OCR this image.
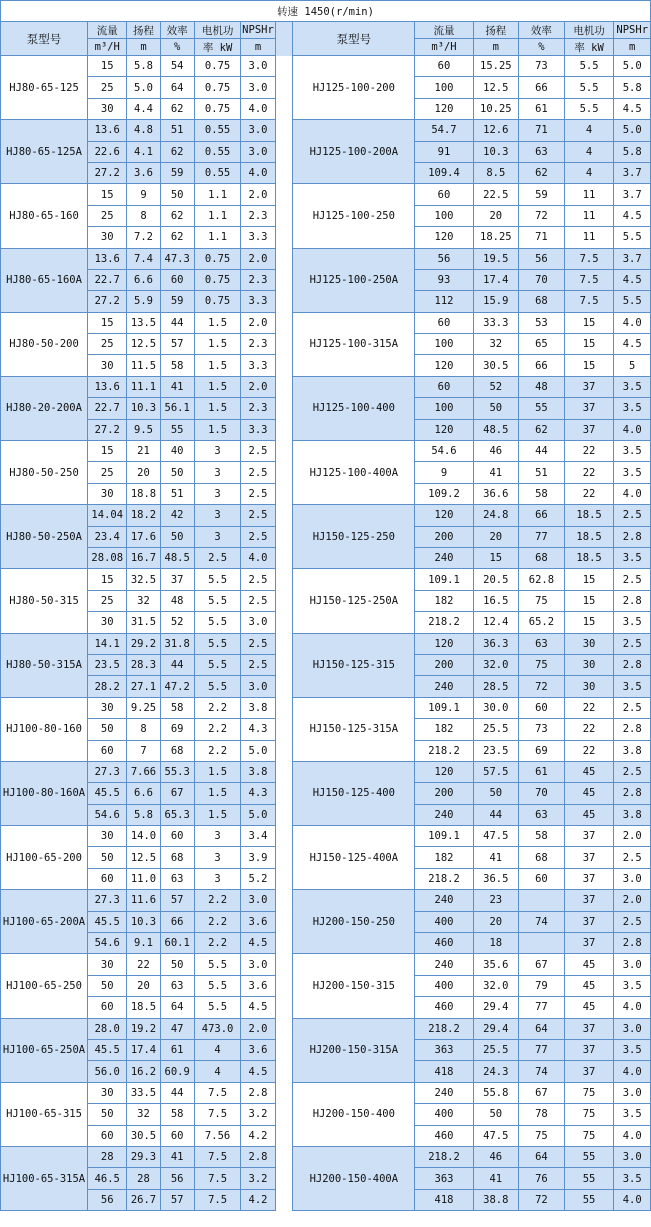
转速 1450(r/min)												
泵型号	流量	扬程	效率	电机功	NPSHr		泵型号	流量	扬程	效率	电机功	NPSHr
	m³/H	m	%	率 kW	m			m³/H	m	%	率 kW	m
HJ80-65-125	15	5.8	54	0.75	3.0		HJ125-100-200	60	15.25	73	5.5	5.0
	25	5.0	64	0.75	3.0			100	12.5	66	5.5	5.8
	30	4.4	62	0.75	4.0			120	10.25	61	5.5	4.5
HJ80-65-125A	13.6	4.8	51	0.55	3.0		HJ125-100-200A	54.7	12.6	71	4	5.0
	22.6	4.1	62	0.55	3.0			91	10.3	63	4	5.8
	27.2	3.6	59	0.55	4.0			109.4	8.5	62	4	3.7
HJ80-65-160	15	9	50	1.1	2.0		HJ125-100-250	60	22.5	59	11	3.7
	25	8	62	1.1	2.3			100	20	72	11	4.5
	30	7.2	62	1.1	3.3			120	18.25	71	11	5.5
HJ80-65-160A	13.6	7.4	47.3	0.75	2.0		HJ125-100-250A	56	19.5	56	7.5	3.7
	22.7	6.6	60	0.75	2.3			93	17.4	70	7.5	4.5
	27.2	5.9	59	0.75	3.3			112	15.9	68	7.5	5.5
HJ80-50-200	15	13.5	44	1.5	2.0		HJ125-100-315A	60	33.3	53	15	4.0
	25	12.5	57	1.5	2.3			100	32	65	15	4.5
	30	11.5	58	1.5	3.3			120	30.5	66	15	5
HJ80-20-200A	13.6	11.1	41	1.5	2.0		HJ125-100-400	60	52	48	37	3.5
	22.7	10.3	56.1	1.5	2.3			100	50	55	37	3.5
	27.2	9.5	55	1.5	3.3			120	48.5	62	37	4.0
HJ80-50-250	15	21	40	3	2.5		HJ125-100-400A	54.6	46	44	22	3.5
	25	20	50	3	2.5			9	41	51	22	3.5
	30	18.8	51	3	2.5			109.2	36.6	58	22	4.0
HJ80-50-250A	14.04	18.2	42	3	2.5		HJ150-125-250	120	24.8	66	18.5	2.5
	23.4	17.6	50	3	2.5			200	20	77	18.5	2.8
	28.08	16.7	48.5	2.5	4.0			240	15	68	18.5	3.5
HJ80-50-315	15	32.5	37	5.5	2.5		HJ150-125-250A	109.1	20.5	62.8	15	2.5
	25	32	48	5.5	2.5			182	16.5	75	15	2.8
	30	31.5	52	5.5	3.0			218.2	12.4	65.2	15	3.5
HJ80-50-315A	14.1	29.2	31.8	5.5	2.5		HJ150-125-315	120	36.3	63	30	2.5
	23.5	28.3	44	5.5	2.5			200	32.0	75	30	2.8
	28.2	27.1	47.2	5.5	3.0			240	28.5	72	30	3.5
HJ100-80-160	30	9.25	58	2.2	3.8		HJ150-125-315A	109.1	30.0	60	22	2.5
	50	8	69	2.2	4.3			182	25.5	73	22	2.8
	60	7	68	2.2	5.0			218.2	23.5	69	22	3.8
HJ100-80-160A	27.3	7.66	55.3	1.5	3.8		HJ150-125-400	120	57.5	61	45	2.5
	45.5	6.6	67	1.5	4.3			200	50	70	45	2.8
	54.6	5.8	65.3	1.5	5.0			240	44	63	45	3.8
HJ100-65-200	30	14.0	60	3	3.4		HJ150-125-400A	109.1	47.5	58	37	2.0
	50	12.5	68	3	3.9			182	41	68	37	2.5
	60	11.0	63	3	5.2			218.2	36.5	60	37	3.0
HJ100-65-200A	27.3	11.6	57	2.2	3.0		HJ200-150-250	240	23		37	2.0
	45.5	10.3	66	2.2	3.6			400	20	74	37	2.5
	54.6	9.1	60.1	2.2	4.5			460	18		37	2.8
HJ100-65-250	30	22	50	5.5	3.0		HJ200-150-315	240	35.6	67	45	3.0
	50	20	63	5.5	3.6			400	32.0	79	45	3.5
	60	18.5	64	5.5	4.5			460	29.4	77	45	4.0
HJ100-65-250A	28.0	19.2	47	473.0	2.0		HJ200-150-315A	218.2	29.4	64	37	3.0
	45.5	17.4	61	4	3.6			363	25.5	77	37	3.5
	56.0	16.2	60.9	4	4.5			418	24.3	74	37	4.0
HJ100-65-315	30	33.5	44	7.5	2.8		HJ200-150-400	240	55.8	67	75	3.0
	50	32	58	7.5	3.2			400	50	78	75	3.5
	60	30.5	60	7.56	4.2			460	47.5	75	75	4.0
HJ100-65-315A	28	29.3	41	7.5	2.8		HJ200-150-400A	218.2	46	64	55	3.0
	46.5	28	56	7.5	3.2			363	41	76	55	3.5
	56	26.7	57	7.5	4.2			418	38.8	72	55	4.0
